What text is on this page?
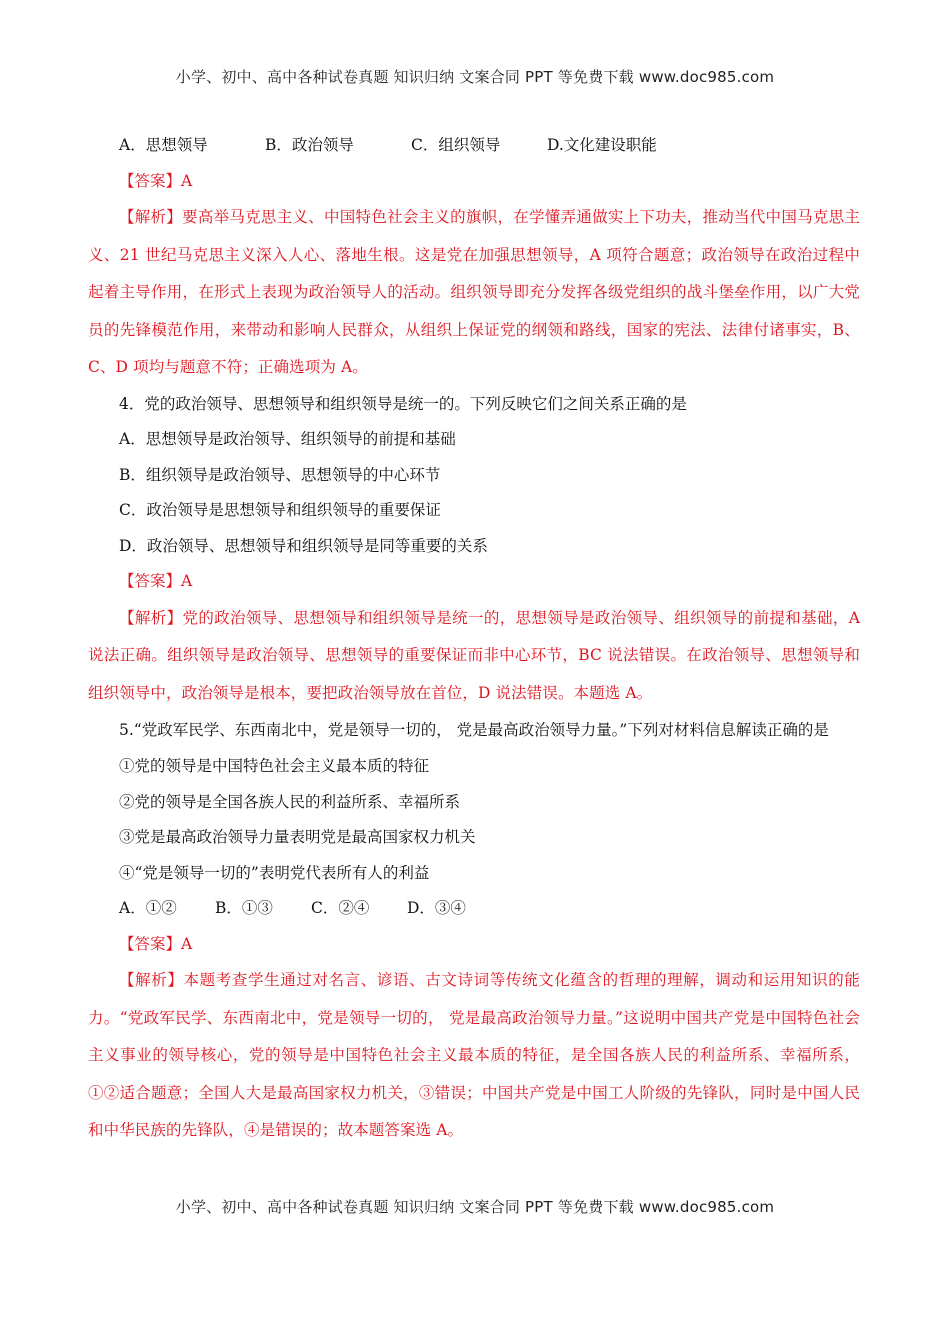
小学、初中、高中各种试卷真题 知识归纳 文案合同 PPT 等免费下载 www.doc985.com
A．思想领导	B．政治领导	C．组织领导	D.文化建设职能

【答案】A

【解析】要高举马克思主义、中国特色社会主义的旗帜，在学懂弄通做实上下功夫，推动当代中国马克思主义、21 世纪马克思主义深入人心、落地生根。这是党在加强思想领导，A 项符合题意；政治领导在政治过程中起着主导作用，在形式上表现为政治领导人的活动。组织领导即充分发挥各级党组织的战斗堡垒作用，以广大党员的先锋模范作用，来带动和影响人民群众，从组织上保证党的纲领和路线，国家的宪法、法律付诸事实，B、C、D 项均与题意不符；正确选项为 A。

4．党的政治领导、思想领导和组织领导是统一的。下列反映它们之间关系正确的是

A．思想领导是政治领导、组织领导的前提和基础

B．组织领导是政治领导、思想领导的中心环节

C．政治领导是思想领导和组织领导的重要保证

D．政治领导、思想领导和组织领导是同等重要的关系

【答案】A

【解析】党的政治领导、思想领导和组织领导是统一的，思想领导是政治领导、组织领导的前提和基础，A 说法正确。组织领导是政治领导、思想领导的重要保证而非中心环节，BC 说法错误。在政治领导、思想领导和组织领导中，政治领导是根本，要把政治领导放在首位，D 说法错误。本题选 A。

5.“党政军民学、东西南北中，党是领导一切的， 党是最高政治领导力量。”下列对材料信息解读正确的是

①党的领导是中国特色社会主义最本质的特征

②党的领导是全国各族人民的利益所系、幸福所系

③党是最高政治领导力量表明党是最高国家权力机关

④“党是领导一切的”表明党代表所有人的利益

A．①②	B．①③	C．②④	D．③④

【答案】A

【解析】本题考查学生通过对名言、谚语、古文诗词等传统文化蕴含的哲理的理解，调动和运用知识的能力。“党政军民学、东西南北中，党是领导一切的， 党是最高政治领导力量。”这说明中国共产党是中国特色社会主义事业的领导核心，党的领导是中国特色社会主义最本质的特征，是全国各族人民的利益所系、幸福所系，①②适合题意；全国人大是最高国家权力机关，③错误；中国共产党是中国工人阶级的先锋队，同时是中国人民和中华民族的先锋队，④是错误的；故本题答案选 A。

小学、初中、高中各种试卷真题 知识归纳 文案合同 PPT 等免费下载 www.doc985.com
